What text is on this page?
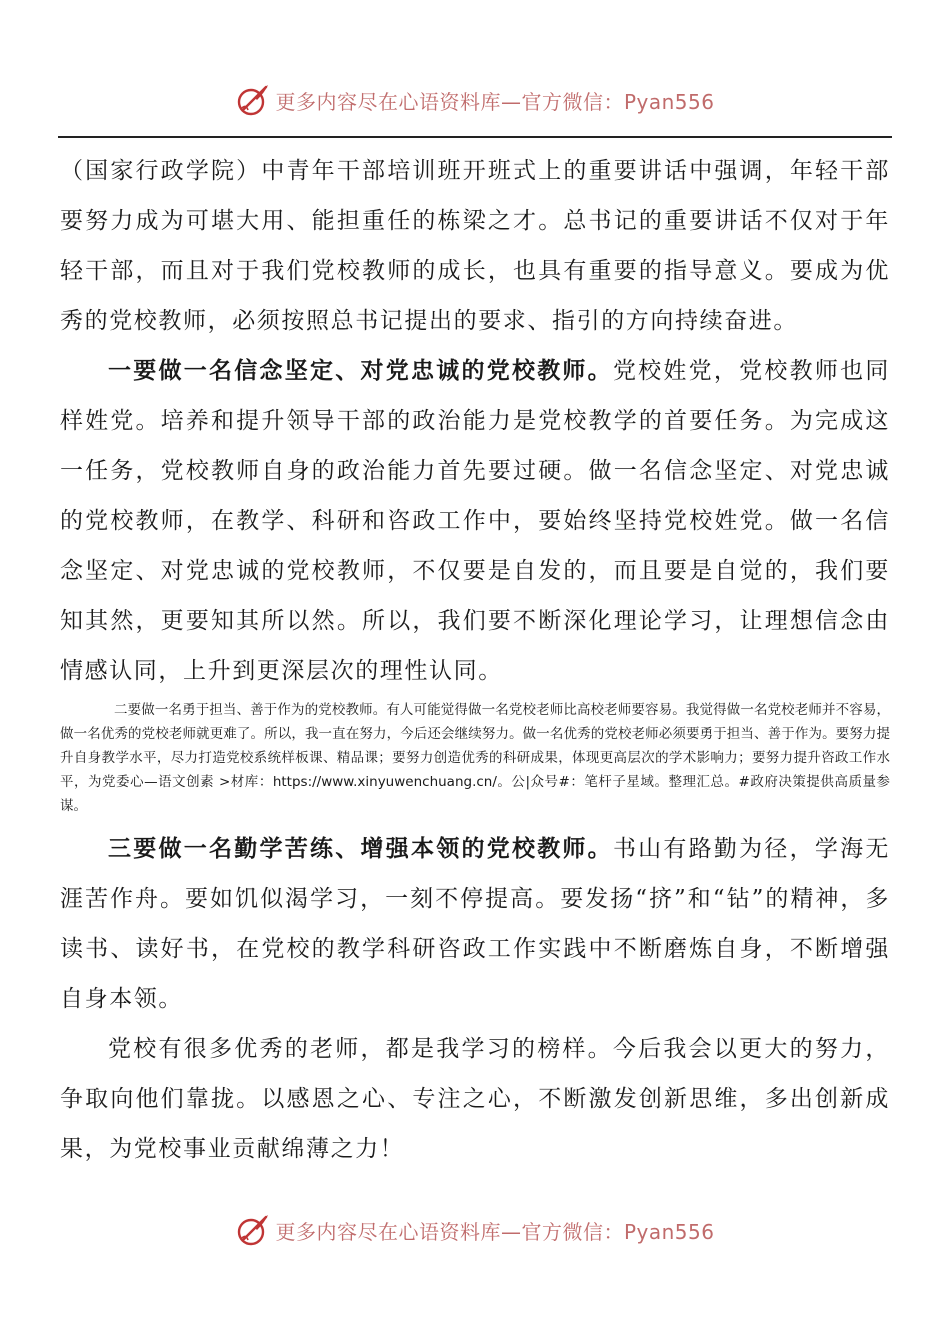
更多内容尽在心语资料库—官方微信：Pyan556

（国家行政学院）中青年干部培训班开班式上的重要讲话中强调，年轻干部要努力成为可堪大用、能担重任的栋梁之才。总书记的重要讲话不仅对于年轻干部，而且对于我们党校教师的成长，也具有重要的指导意义。要成为优秀的党校教师，必须按照总书记提出的要求、指引的方向持续奋进。

一要做一名信念坚定、对党忠诚的党校教师。党校姓党，党校教师也同样姓党。培养和提升领导干部的政治能力是党校教学的首要任务。为完成这一任务，党校教师自身的政治能力首先要过硬。做一名信念坚定、对党忠诚的党校教师，在教学、科研和咨政工作中，要始终坚持党校姓党。做一名信念坚定、对党忠诚的党校教师，不仅要是自发的，而且要是自觉的，我们要知其然，更要知其所以然。所以，我们要不断深化理论学习，让理想信念由情感认同，上升到更深层次的理性认同。

二要做一名勇于担当、善于作为的党校教师。有人可能觉得做一名党校老师比高校老师要容易。我觉得做一名党校老师并不容易，做一名优秀的党校老师就更难了。所以，我一直在努力，今后还会继续努力。做一名优秀的党校老师必须要勇于担当、善于作为。要努力提升自身教学水平，尽力打造党校系统样板课、精品课；要努力创造优秀的科研成果，体现更高层次的学术影响力；要努力提升咨政工作水平，为党委心—语文创素 >材库：https://www.xinyuwenchuang.cn/。公|众号#：笔杆子星域。整理汇总。#政府决策提供高质量参谋。

三要做一名勤学苦练、增强本领的党校教师。书山有路勤为径，学海无涯苦作舟。要如饥似渴学习，一刻不停提高。要发扬“挤”和“钻”的精神，多读书、读好书，在党校的教学科研咨政工作实践中不断磨炼自身，不断增强自身本领。

党校有很多优秀的老师，都是我学习的榜样。今后我会以更大的努力，争取向他们靠拢。以感恩之心、专注之心，不断激发创新思维，多出创新成果，为党校事业贡献绵薄之力！

更多内容尽在心语资料库—官方微信：Pyan556
